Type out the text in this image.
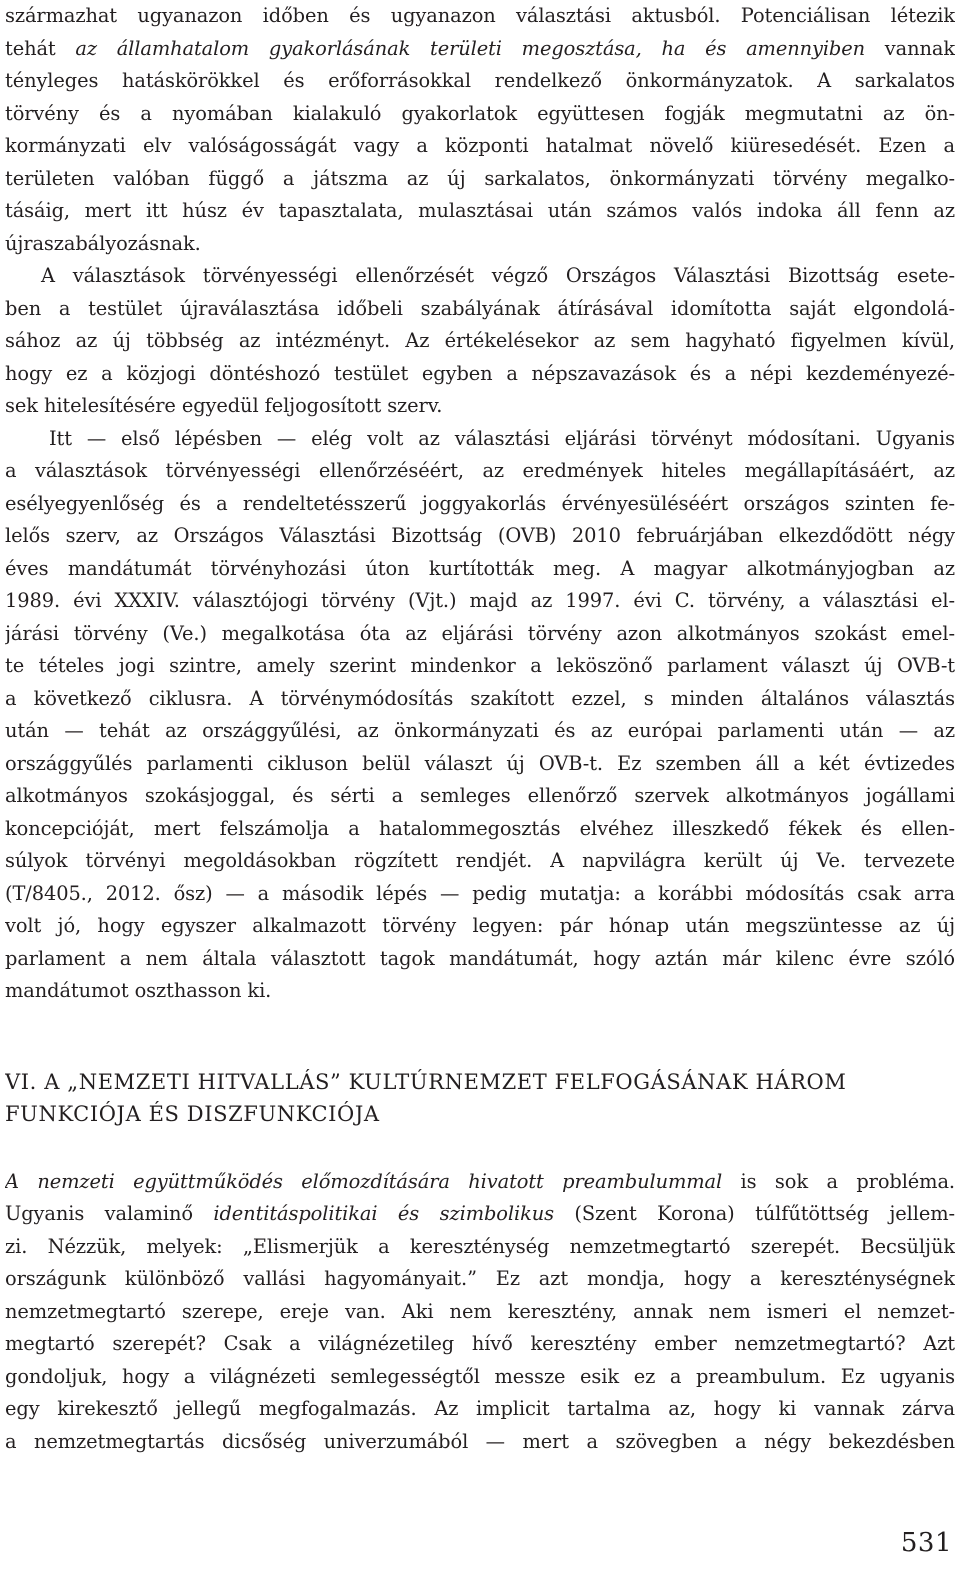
származhat ugyanazon időben és ugyanazon választási aktusból. Potenciálisan létezik
tehát az államhatalom gyakorlásának területi megosztása, ha és amennyiben vannak
tényleges hatáskörökkel és erőforrásokkal rendelkező önkormányzatok. A sarkalatos
törvény és a nyomában kialakuló gyakorlatok együttesen fogják megmutatni az ön-
kormányzati elv valóságosságát vagy a központi hatalmat növelő kiüresedését. Ezen a
területen valóban függő a játszma az új sarkalatos, önkormányzati törvény megalko-
tásáig, mert itt húsz év tapasztalata, mulasztásai után számos valós indoka áll fenn az
újraszabályozásnak.
A választások törvényességi ellenőrzését végző Országos Választási Bizottság esete-
ben a testület újraválasztása időbeli szabályának átírásával idomította saját elgondolá-
sához az új többség az intézményt. Az értékelésekor az sem hagyható figyelmen kívül,
hogy ez a közjogi döntéshozó testület egyben a népszavazások és a népi kezdeményezé-
sek hitelesítésére egyedül feljogosított szerv.
Itt — első lépésben — elég volt az választási eljárási törvényt módosítani. Ugyanis
a választások törvényességi ellenőrzéséért, az eredmények hiteles megállapításáért, az
esélyegyenlőség és a rendeltetésszerű joggyakorlás érvényesüléséért országos szinten fe-
lelős szerv, az Országos Választási Bizottság (OVB) 2010 februárjában elkezdődött négy
éves mandátumát törvényhozási úton kurtították meg. A magyar alkotmányjogban az
1989. évi XXXIV. választójogi törvény (Vjt.) majd az 1997. évi C. törvény, a választási el-
járási törvény (Ve.) megalkotása óta az eljárási törvény azon alkotmányos szokást emel-
te tételes jogi szintre, amely szerint mindenkor a leköszönő parlament választ új OVB-t
a következő ciklusra. A törvénymódosítás szakított ezzel, s minden általános választás
után — tehát az országgyűlési, az önkormányzati és az európai parlamenti után — az
országgyűlés parlamenti cikluson belül választ új OVB-t. Ez szemben áll a két évtizedes
alkotmányos szokásjoggal, és sérti a semleges ellenőrző szervek alkotmányos jogállami
koncepcióját, mert felszámolja a hatalommegosztás elvéhez illeszkedő fékek és ellen-
súlyok törvényi megoldásokban rögzített rendjét. A napvilágra került új Ve. tervezete
(T/8405., 2012. ősz) — a második lépés — pedig mutatja: a korábbi módosítás csak arra
volt jó, hogy egyszer alkalmazott törvény legyen: pár hónap után megszüntesse az új
parlament a nem általa választott tagok mandátumát, hogy aztán már kilenc évre szóló
mandátumot oszthasson ki.
VI. A „NEMZETI HITVALLÁS” KULTÚRNEMZET FELFOGÁSÁNAK HÁROM
FUNKCIÓJA ÉS DISZFUNKCIÓJA
A nemzeti együttműködés előmozdítására hivatott preambulummal is sok a probléma.
Ugyanis valaminő identitáspolitikai és szimbolikus (Szent Korona) túlfűtöttség jellem-
zi. Nézzük, melyek: „Elismerjük a kereszténység nemzetmegtartó szerepét. Becsüljük
országunk különböző vallási hagyományait.” Ez azt mondja, hogy a kereszténységnek
nemzetmegtartó szerepe, ereje van. Aki nem keresztény, annak nem ismeri el nemzet-
megtartó szerepét? Csak a világnézetileg hívő keresztény ember nemzetmegtartó? Azt
gondoljuk, hogy a világnézeti semlegességtől messze esik ez a preambulum. Ez ugyanis
egy kirekesztő jellegű megfogalmazás. Az implicit tartalma az, hogy ki vannak zárva
a nemzetmegtartás dicsőség univerzumából — mert a szövegben a négy bekezdésben
531
